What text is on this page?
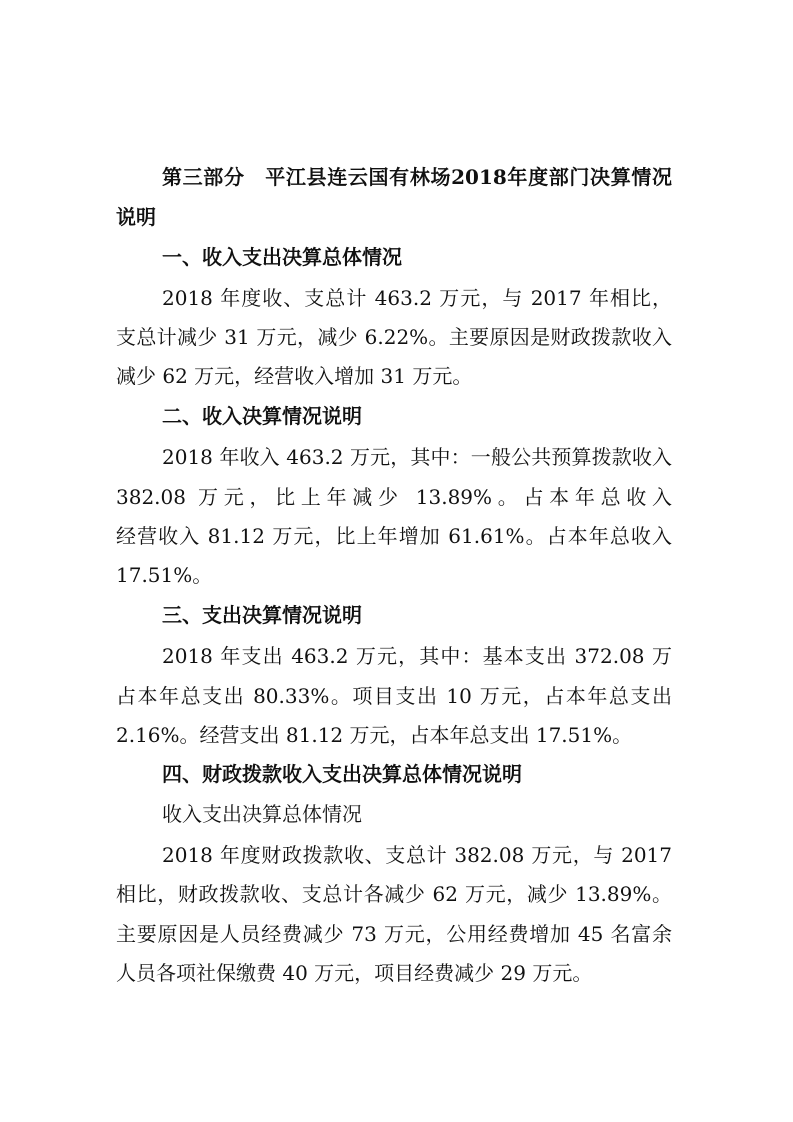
第三部分　平江县连云国有林场2018年度部门决算情况
说明
一、收入支出决算总体情况
2018 年度收、支总计 463.2 万元，与 2017 年相比，
支总计减少 31 万元，减少 6.22%。主要原因是财政拨款收入
减少 62 万元，经营收入增加 31 万元。
二、收入决算情况说明
2018 年收入 463.2 万元，其中：一般公共预算拨款收入
382.08 万元，比上年减少 13.89%。占本年总收入
经营收入 81.12 万元，比上年增加 61.61%。占本年总收入
17.51%。
三、支出决算情况说明
2018 年支出 463.2 万元，其中：基本支出 372.08 万
占本年总支出 80.33%。项目支出 10 万元，占本年总支出
2.16%。经营支出 81.12 万元，占本年总支出 17.51%。
四、财政拨款收入支出决算总体情况说明
收入支出决算总体情况
2018 年度财政拨款收、支总计 382.08 万元，与 2017
相比，财政拨款收、支总计各减少 62 万元，减少 13.89%。
主要原因是人员经费减少 73 万元，公用经费增加 45 名富余
人员各项社保缴费 40 万元，项目经费减少 29 万元。
